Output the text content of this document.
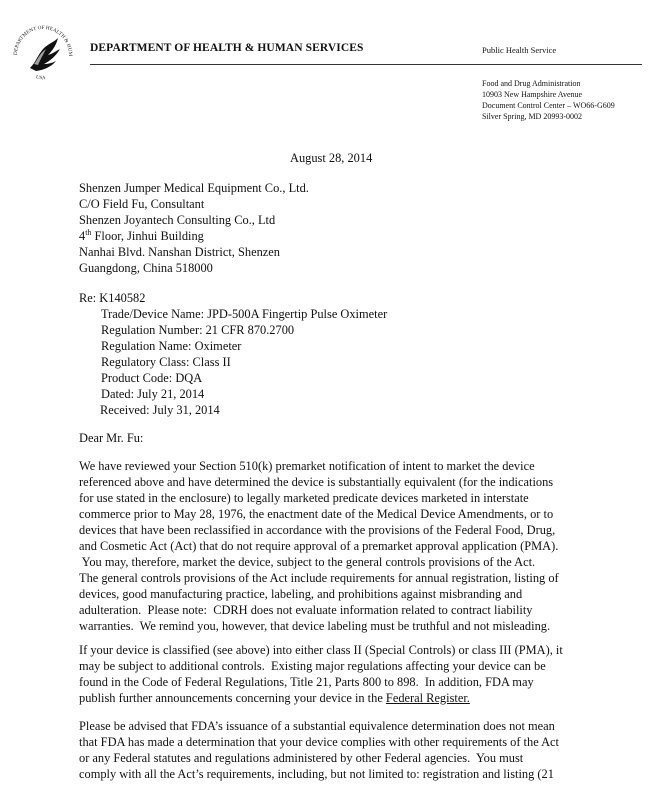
DEPARTMENT OF HEALTH & HUM
USA
DEPARTMENT OF HEALTH & HUMAN SERVICES	Public Health Service
Food and Drug Administration
10903 New Hampshire Avenue
Document Control Center – WO66-G609
Silver Spring, MD 20993-0002
August 28, 2014
Shenzen Jumper Medical Equipment Co., Ltd.
C/O Field Fu, Consultant
Shenzen Joyantech Consulting Co., Ltd
4th Floor, Jinhui Building
Nanhai Blvd. Nanshan District, Shenzen
Guangdong, China 518000
Re: K140582
Trade/Device Name: JPD-500A Fingertip Pulse Oximeter
Regulation Number: 21 CFR 870.2700
Regulation Name: Oximeter
Regulatory Class: Class II
Product Code: DQA
Dated: July 21, 2014
Received: July 31, 2014
Dear Mr. Fu:
We have reviewed your Section 510(k) premarket notification of intent to market the device
referenced above and have determined the device is substantially equivalent (for the indications
for use stated in the enclosure) to legally marketed predicate devices marketed in interstate
commerce prior to May 28, 1976, the enactment date of the Medical Device Amendments, or to
devices that have been reclassified in accordance with the provisions of the Federal Food, Drug,
and Cosmetic Act (Act) that do not require approval of a premarket approval application (PMA).
You may, therefore, market the device, subject to the general controls provisions of the Act.
The general controls provisions of the Act include requirements for annual registration, listing of
devices, good manufacturing practice, labeling, and prohibitions against misbranding and
adulteration.  Please note:  CDRH does not evaluate information related to contract liability
warranties.  We remind you, however, that device labeling must be truthful and not misleading.
If your device is classified (see above) into either class II (Special Controls) or class III (PMA), it
may be subject to additional controls.  Existing major regulations affecting your device can be
found in the Code of Federal Regulations, Title 21, Parts 800 to 898.  In addition, FDA may
publish further announcements concerning your device in the Federal Register.
Please be advised that FDA’s issuance of a substantial equivalence determination does not mean
that FDA has made a determination that your device complies with other requirements of the Act
or any Federal statutes and regulations administered by other Federal agencies.  You must
comply with all the Act’s requirements, including, but not limited to: registration and listing (21
